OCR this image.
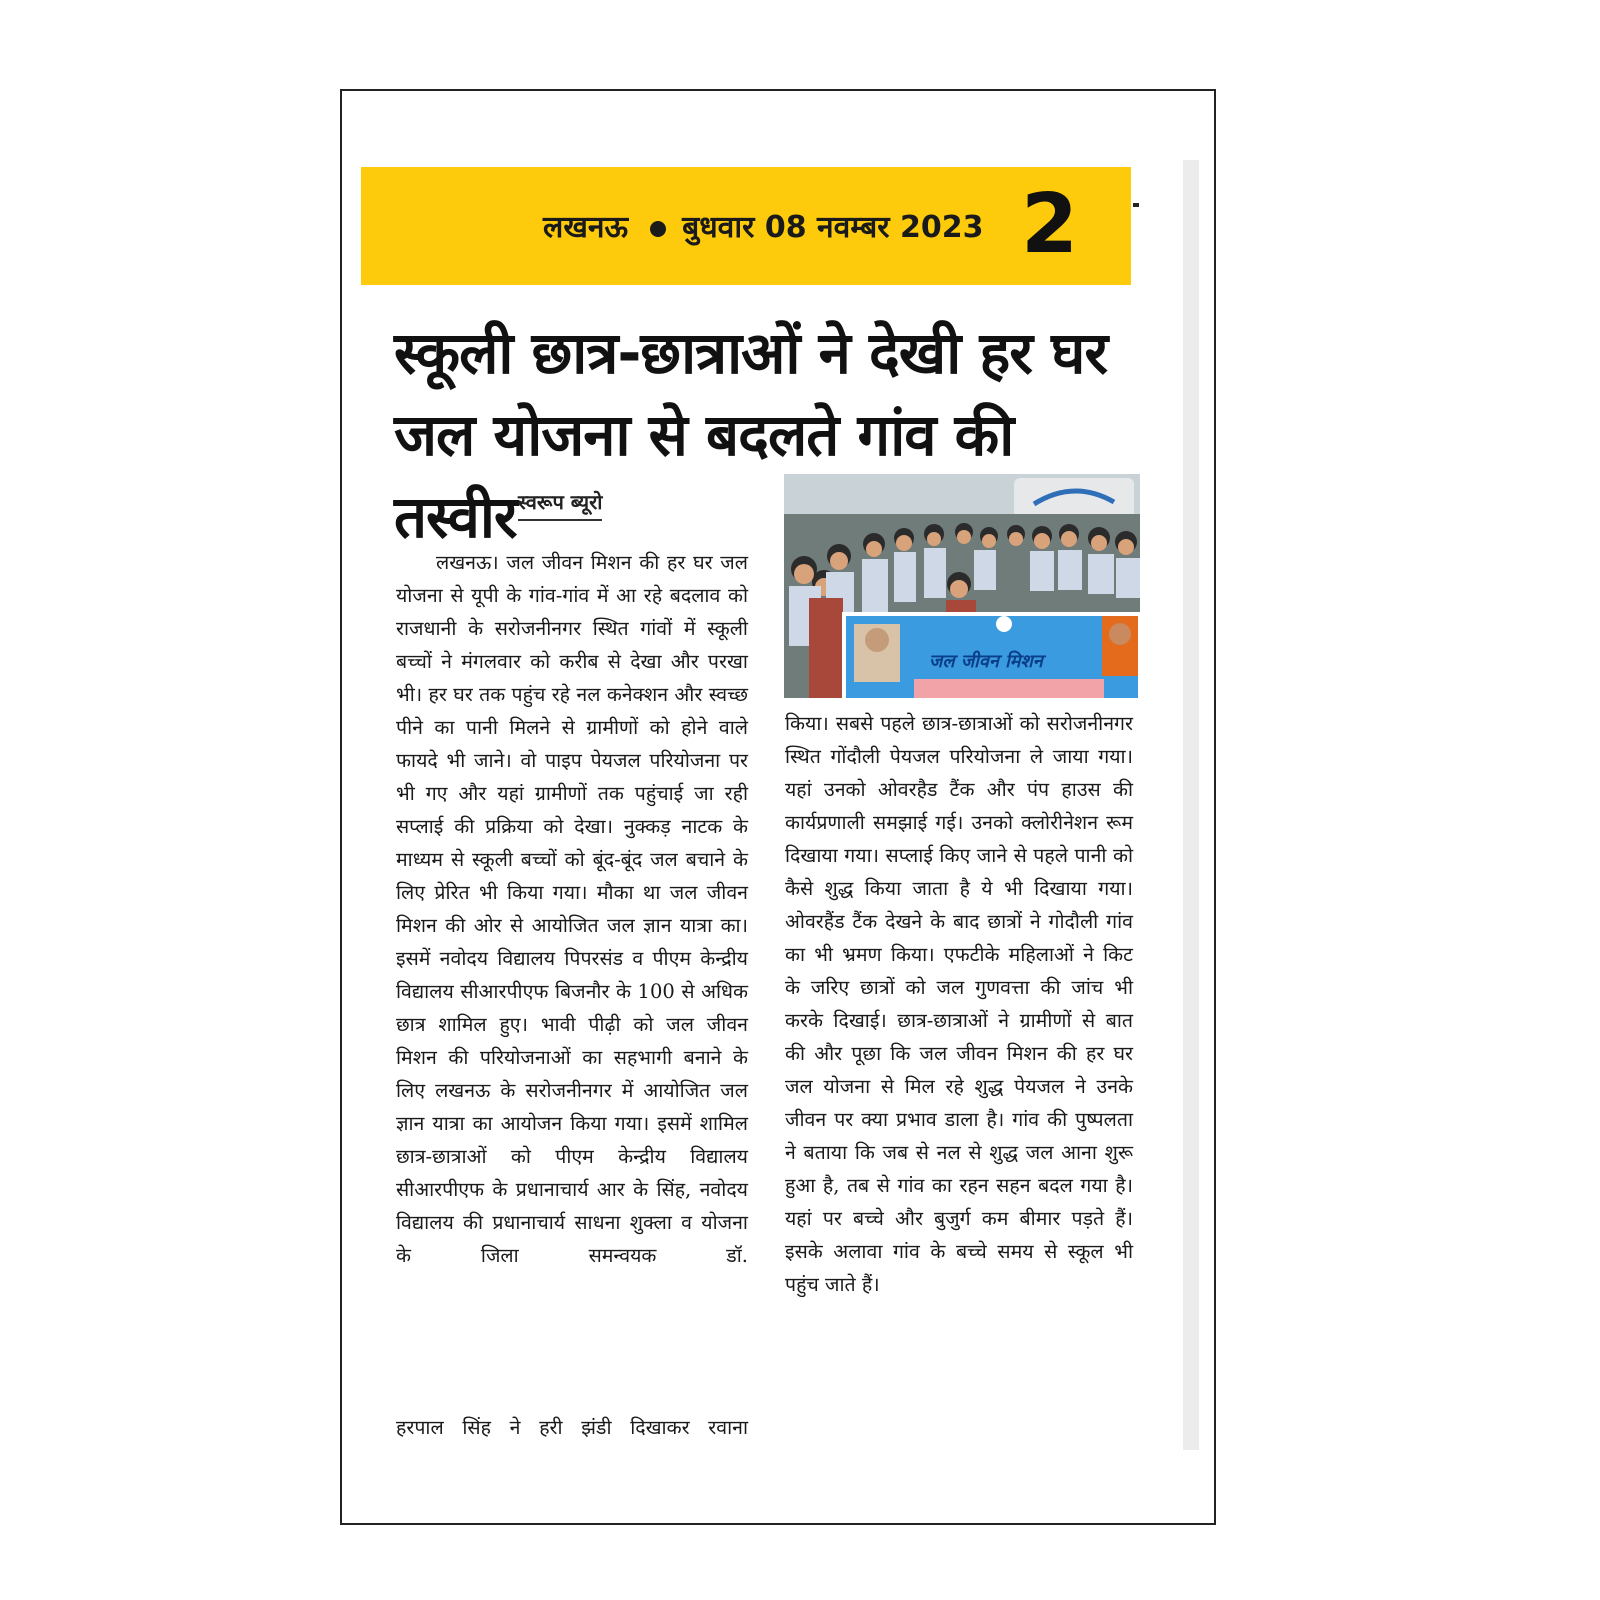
लखनऊ बुधवार 08 नवम्बर 2023 2
स्कूली छात्र-छात्राओं ने देखी हर घर
जल योजना से बदलते गांव की तस्वीर स्वरूप ब्यूरो

लखनऊ। जल जीवन मिशन की हर घर जल योजना से यूपी के गांव-गांव में आ रहे बदलाव को राजधानी के सरोजनीनगर स्थित गांवों में स्कूली बच्चों ने मंगलवार को करीब से देखा और परखा भी। हर घर तक पहुंच रहे नल कनेक्शन और स्वच्छ पीने का पानी मिलने से ग्रामीणों को होने वाले फायदे भी जाने। वो पाइप पेयजल परियोजना पर भी गए और यहां ग्रामीणों तक पहुंचाई जा रही सप्लाई की प्रक्रिया को देखा। नुक्कड़ नाटक के माध्यम से स्कूली बच्चों को बूंद-बूंद जल बचाने के लिए प्रेरित भी किया गया। मौका था जल जीवन मिशन की ओर से आयोजित जल ज्ञान यात्रा का। इसमें नवोदय विद्यालय पिपरसंड व पीएम केन्द्रीय विद्यालय सीआरपीएफ बिजनौर के 100 से अधिक छात्र शामिल हुए। भावी पीढ़ी को जल जीवन मिशन की परियोजनाओं का सहभागी बनाने के लिए लखनऊ के सरोजनीनगर में आयोजित जल ज्ञान यात्रा का आयोजन किया गया। इसमें शामिल छात्र-छात्राओं को पीएम केन्द्रीय विद्यालय सीआरपीएफ के प्रधानाचार्य आर के सिंह, नवोदय विद्यालय की प्रधानाचार्य साधना शुक्ला व योजना के जिला समन्वयक डॉ.

हरपाल सिंह ने हरी झंडी दिखाकर रवाना

जल जीवन मिशन

किया। सबसे पहले छात्र-छात्राओं को सरोजनीनगर स्थित गोंदौली पेयजल परियोजना ले जाया गया। यहां उनको ओवरहैड टैंक और पंप हाउस की कार्यप्रणाली समझाई गई। उनको क्लोरीनेशन रूम दिखाया गया। सप्लाई किए जाने से पहले पानी को कैसे शुद्ध किया जाता है ये भी दिखाया गया। ओवरहैंड टैंक देखने के बाद छात्रों ने गोदौली गांव का भी भ्रमण किया। एफटीके महिलाओं ने किट के जरिए छात्रों को जल गुणवत्ता की जांच भी करके दिखाई। छात्र-छात्राओं ने ग्रामीणों से बात की और पूछा कि जल जीवन मिशन की हर घर जल योजना से मिल रहे शुद्ध पेयजल ने उनके जीवन पर क्या प्रभाव डाला है। गांव की पुष्पलता ने बताया कि जब से नल से शुद्ध जल आना शुरू हुआ है, तब से गांव का रहन सहन बदल गया है। यहां पर बच्चे और बुजुर्ग कम बीमार पड़ते हैं। इसके अलावा गांव के बच्चे समय से स्कूल भी पहुंच जाते हैं।
